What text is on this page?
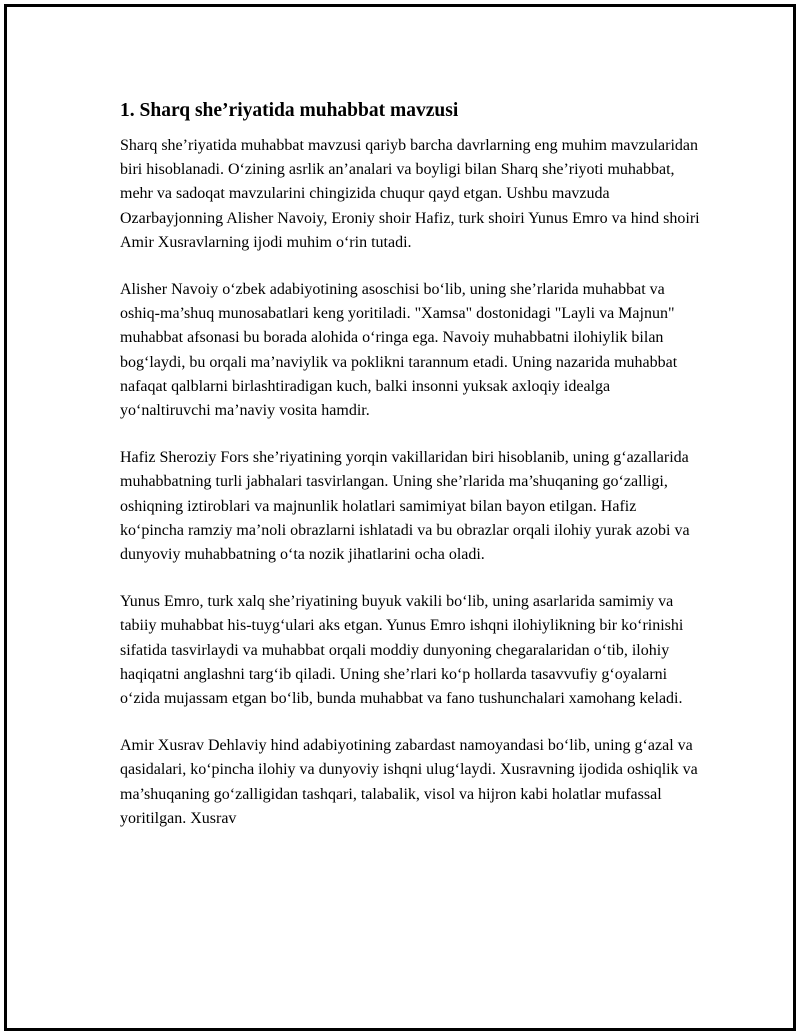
1. Sharq she’riyatida muhabbat mavzusi

Sharq she’riyatida muhabbat mavzusi qariyb barcha davrlarning eng muhim mavzularidan biri hisoblanadi. O‘zining asrlik an’analari va boyligi bilan Sharq she’riyoti muhabbat, mehr va sadoqat mavzularini chingizida chuqur qayd etgan. Ushbu mavzuda Ozarbayjonning Alisher Navoiy, Eroniy shoir Hafiz, turk shoiri Yunus Emro va hind shoiri Amir Xusravlarning ijodi muhim o‘rin tutadi.

Alisher Navoiy o‘zbek adabiyotining asoschisi bo‘lib, uning she’rlarida muhabbat va oshiq-ma’shuq munosabatlari keng yoritiladi. "Xamsa" dostonidagi "Layli va Majnun" muhabbat afsonasi bu borada alohida o‘ringa ega. Navoiy muhabbatni ilohiylik bilan bog‘laydi, bu orqali ma’naviylik va poklikni tarannum etadi. Uning nazarida muhabbat nafaqat qalblarni birlashtiradigan kuch, balki insonni yuksak axloqiy idealga yo‘naltiruvchi ma’naviy vosita hamdir.

Hafiz Sheroziy Fors she’riyatining yorqin vakillaridan biri hisoblanib, uning g‘azallarida muhabbatning turli jabhalari tasvirlangan. Uning she’rlarida ma’shuqaning go‘zalligi, oshiqning iztiroblari va majnunlik holatlari samimiyat bilan bayon etilgan. Hafiz ko‘pincha ramziy ma’noli obrazlarni ishlatadi va bu obrazlar orqali ilohiy yurak azobi va dunyoviy muhabbatning o‘ta nozik jihatlarini ocha oladi.

Yunus Emro, turk xalq she’riyatining buyuk vakili bo‘lib, uning asarlarida samimiy va tabiiy muhabbat his-tuyg‘ulari aks etgan. Yunus Emro ishqni ilohiylikning bir ko‘rinishi sifatida tasvirlaydi va muhabbat orqali moddiy dunyoning chegaralaridan o‘tib, ilohiy haqiqatni anglashni targ‘ib qiladi. Uning she’rlari ko‘p hollarda tasavvufiy g‘oyalarni o‘zida mujassam etgan bo‘lib, bunda muhabbat va fano tushunchalari xamohang keladi.

Amir Xusrav Dehlaviy hind adabiyotining zabardast namoyandasi bo‘lib, uning g‘azal va qasidalari, ko‘pincha ilohiy va dunyoviy ishqni ulug‘laydi. Xusravning ijodida oshiqlik va ma’shuqaning go‘zalligidan tashqari, talabalik, visol va hijron kabi holatlar mufassal yoritilgan. Xusrav
